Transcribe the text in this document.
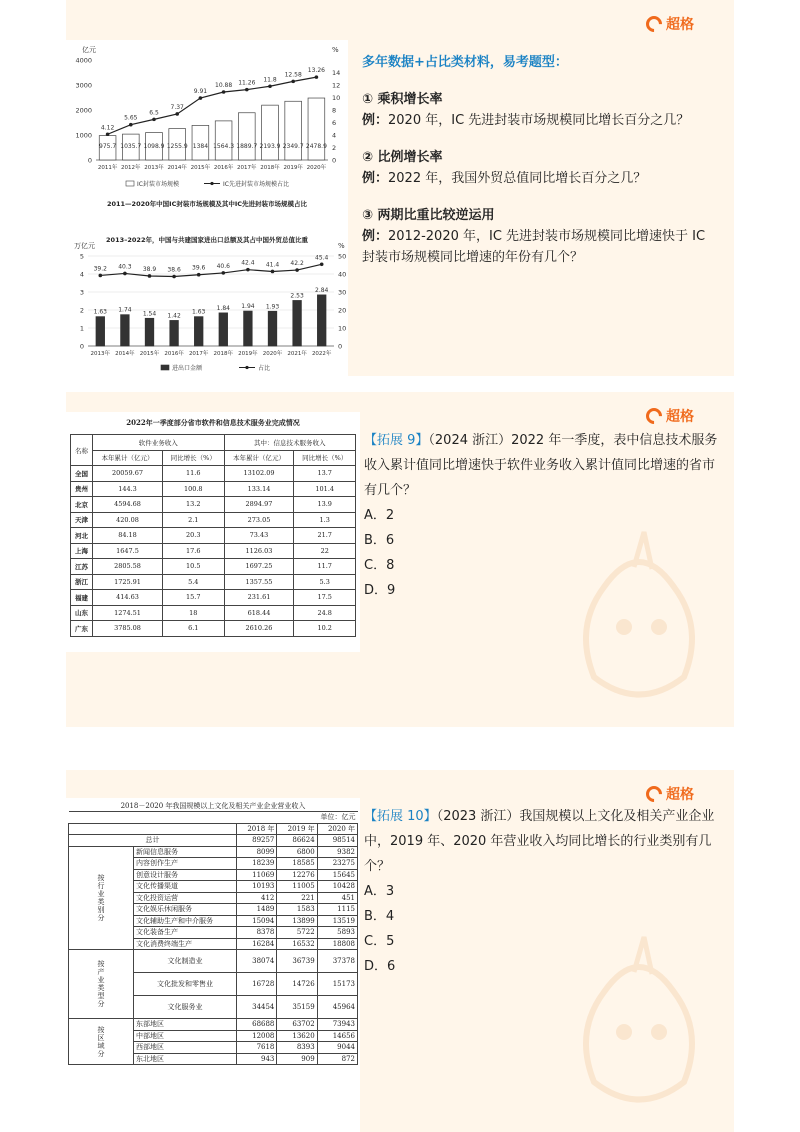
超格
亿元	%
0
1000
2000
3000
4000
0
2
4
6
8
10
12
14
975.7
2011年
1035.7
2012年
1098.9
2013年
1255.9
2014年
1384
2015年
1564.3
2016年
1889.7
2017年
2193.9
2018年
2349.7
2019年
2478.9
2020年
4.12
5.65
6.5
7.37
9.91
10.88 11.26 11.8
12.58
13.26
IC封装市场规模	IC先进封装市场规模占比
2011—2020年中国IC封装市场规模及其中IC先进封装市场规模占比

万亿元	%
0
1
2
3
4
5
0
10
20
30
40
50
1.63
2013年
1.74
2014年
1.54
2015年
1.42
2016年
1.63
2017年
1.84
2018年
1.94
2019年
1.93
2020年
2.53
2021年
2.84
2022年
39.2 40.3 38.9 38.6 39.6 40.6 42.4 41.4 42.2
45.4
进出口金额	占比
2013–2022年，中国与共建国家进出口总额及其占中国外贸总值比重
多年数据+占比类材料，易考题型：
① 乘积增长率
例：2020 年，IC 先进封装市场规模同比增长百分之几？
② 比例增长率
例：2022 年，我国外贸总值同比增长百分之几？
③ 两期比重比较逆运用
例：2012-2020 年，IC 先进封装市场规模同比增速快于 IC 封装市场规模同比增速的年份有几个？
超格
2022年一季度部分省市软件和信息技术服务业完成情况
名称	软件业务收入		其中：信息技术服务收入	
	本年累计（亿元）	同比增长（%）	本年累计（亿元）	同比增长（%）
全国	20059.67	11.6	13102.09	13.7
贵州	144.3	100.8	133.14	101.4
北京	4594.68	13.2	2894.97	13.9
天津	420.08	2.1	273.05	1.3
河北	84.18	20.3	73.43	21.7
上海	1647.5	17.6	1126.03	22
江苏	2805.58	10.5	1697.25	11.7
浙江	1725.91	5.4	1357.55	5.3
福建	414.63	15.7	231.61	17.5
山东	1274.51	18	618.44	24.8
广东	3785.08	6.1	2610.26	10.2
【拓展 9】（2024 浙江）2022 年一季度，表中信息技术服务收入累计值同比增速快于软件业务收入累计值同比增速的省市有几个？
A．2
B．6
C．8
D．9
超格
2018－2020 年我国规模以上文化及相关产业企业营业收入				
单位：亿元				
		2018 年	2019 年	2020 年
总计		89257	86624	98514
按行业类别分	新闻信息服务	8099	6800	9382
	内容创作生产	18239	18585	23275
	创意设计服务	11069	12276	15645
	文化传播渠道	10193	11005	10428
	文化投资运营	412	221	451
	文化娱乐休闲服务	1489	1583	1115
	文化辅助生产和中介服务	15094	13899	13519
	文化装备生产	8378	5722	5893
	文化消费终端生产	16284	16532	18808
按产业类型分	文化制造业	38074	36739	37378
	文化批发和零售业	16728	14726	15173
	文化服务业	34454	35159	45964
按区域分	东部地区	68688	63702	73943
	中部地区	12008	13620	14656
	西部地区	7618	8393	9044
	东北地区	943	909	872
【拓展 10】（2023 浙江）我国规模以上文化及相关产业企业中，2019 年、2020 年营业收入均同比增长的行业类别有几个？
A．3
B．4
C．5
D．6
